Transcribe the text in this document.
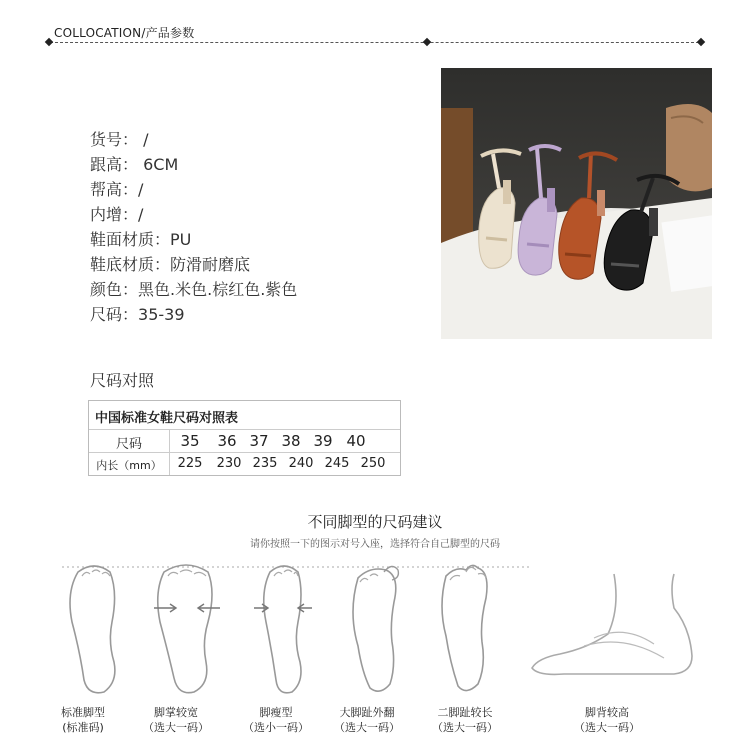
COLLOCATION/产品参数
货号： /
跟高： 6CM
帮高： /
内增： /
鞋面材质： PU
鞋底材质： 防滑耐磨底
颜色： 黑色.米色.棕红色.紫色
尺码： 35-39
尺码对照
中国标准女鞋尺码对照表
尺码	35	36 37 38 39 40
内长（mm）	225	230 235 240 245 250
不同脚型的尺码建议
请你按照一下的图示对号入座，选择符合自己脚型的尺码
标准脚型
(标准码)
脚掌较宽
（选大一码）
脚瘦型
（选小一码）
大脚趾外翻
（选大一码）
二脚趾较长
（选大一码）
脚背较高
（选大一码）
